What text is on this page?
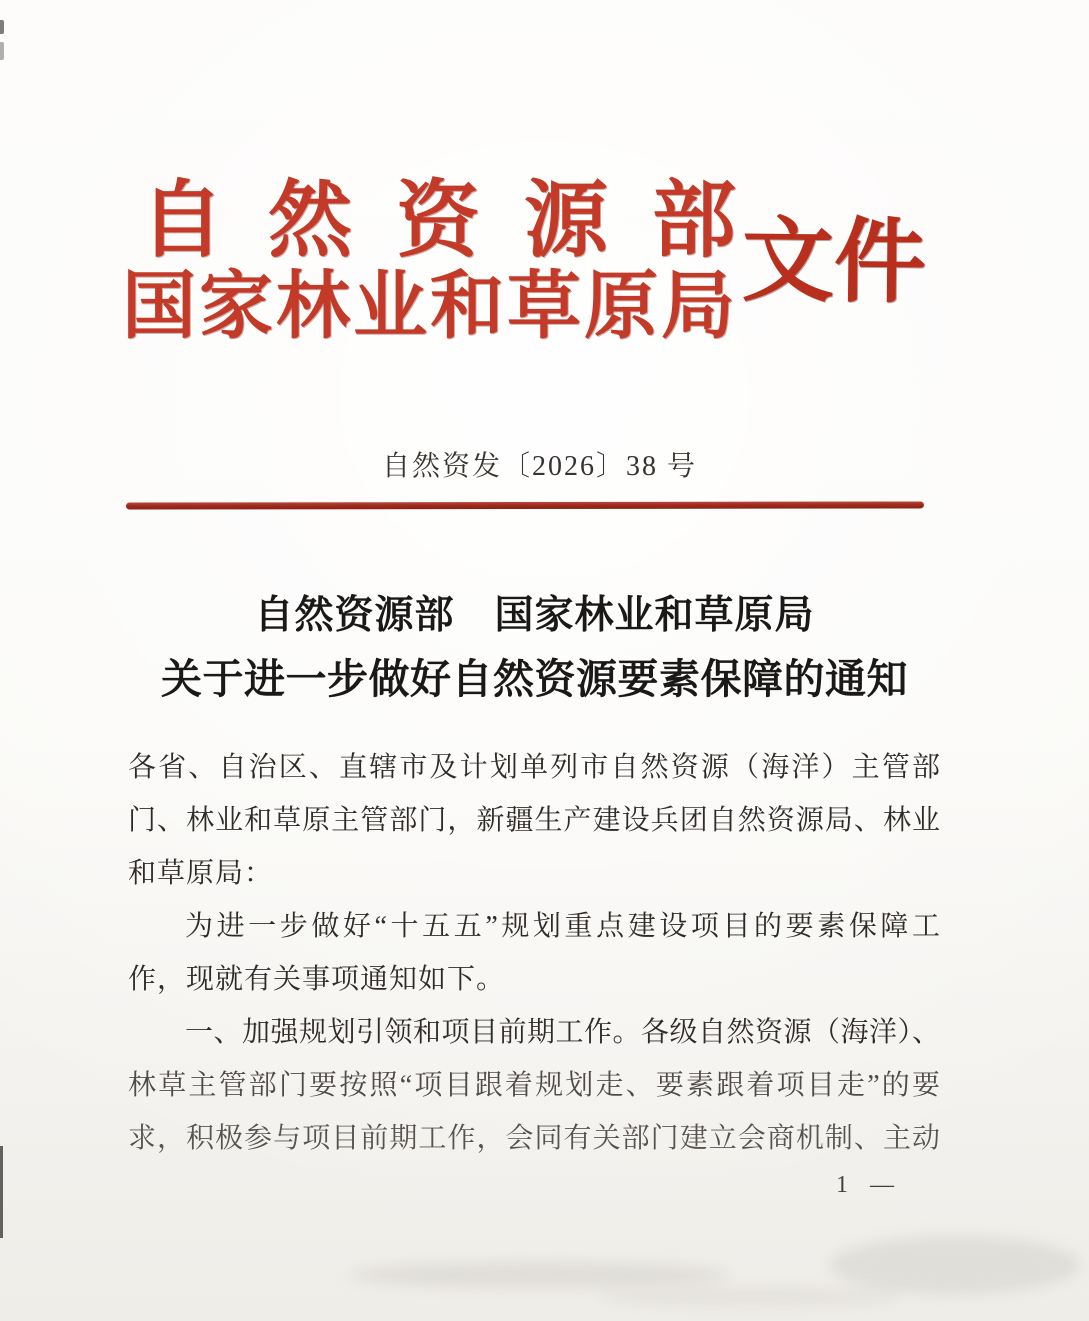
自然资源部
国家林业和草原局 文件
自然资发〔2026〕38 号
自然资源部　国家林业和草原局
关于进一步做好自然资源要素保障的通知
各省、自治区、直辖市及计划单列市自然资源（海洋）主管部
门、林业和草原主管部门，新疆生产建设兵团自然资源局、林业
和草原局：
为进一步做好“十五五”规划重点建设项目的要素保障工
作，现就有关事项通知如下。
一、加强规划引领和项目前期工作。各级自然资源（海洋）、
林草主管部门要按照“项目跟着规划走、要素跟着项目走”的要
求，积极参与项目前期工作，会同有关部门建立会商机制、主动
1 —
